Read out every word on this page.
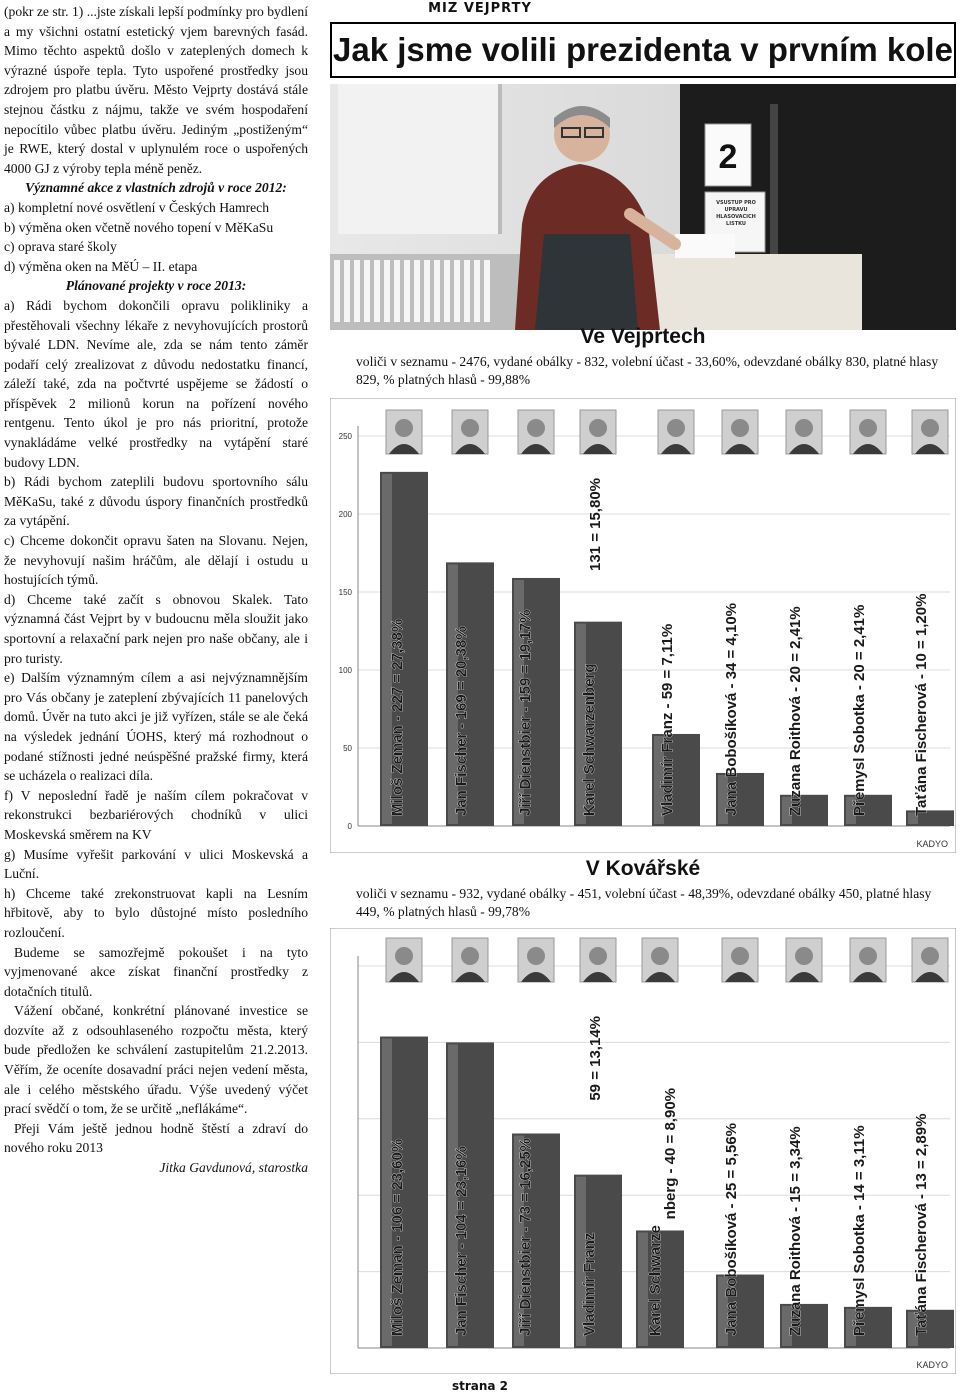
MIZ VEJPRTY

(pokr ze str. 1) ...jste získali lepší podmínky pro bydlení a my všichni ostatní estetický vjem barevných fasád. Mimo těchto aspektů došlo v zateplených domech k výrazné úspoře tepla. Tyto uspořené prostředky jsou zdrojem pro platbu úvěru. Město Vejprty dostává stále stejnou částku z nájmu, takže ve svém hospodaření nepocítilo vůbec platbu úvěru. Jediným „postiženým“ je RWE, který dostal v uplynulém roce o uspořených 4000 GJ z výroby tepla méně peněz.

Významné akce z vlastních zdrojů v roce 2012:

a) kompletní nové osvětlení v Českých Hamrech

b) výměna oken včetně nového topení v MěKaSu

c) oprava staré školy

d) výměna oken na MěÚ – II. etapa

Plánované projekty v roce 2013:

a) Rádi bychom dokončili opravu polikliniky a přestěhovali všechny lékaře z nevyhovujících prostorů bývalé LDN. Nevíme ale, zda se nám tento záměr podaří celý zrealizovat z důvodu nedostatku financí, záleží také, zda na počtvrté uspějeme se žádostí o příspěvek 2 milionů korun na pořízení nového rentgenu. Tento úkol je pro nás prioritní, protože vynakládáme velké prostředky na vytápění staré budovy LDN.

b) Rádi bychom zateplili budovu sportovního sálu MěKaSu, také z důvodu úspory finančních prostředků za vytápění.

c) Chceme dokončit opravu šaten na Slovanu. Nejen, že nevyhovují našim hráčům, ale dělají i ostudu u hostujících týmů.

d) Chceme také začít s obnovou Skalek. Tato významná část Vejprt by v budoucnu měla sloužit jako sportovní a relaxační park nejen pro naše občany, ale i pro turisty.

e) Dalším významným cílem a asi nejvýznamnějším pro Vás občany je zateplení zbývajících 11 panelových domů. Úvěr na tuto akci je již vyřízen, stále se ale čeká na výsledek jednání ÚOHS, který má rozhodnout o podané stížnosti jedné neúspěšné pražské firmy, která se ucházela o realizaci díla.

f) V neposlední řadě je naším cílem pokračovat v rekonstrukci bezbariérových chodníků v ulici Moskevská směrem na KV

g) Musíme vyřešit parkování v ulici Moskevská a Luční.

h) Chceme také zrekonstruovat kapli na Lesním hřbitově, aby to bylo důstojné místo posledního rozloučení.

Budeme se samozřejmě pokoušet i na tyto vyjmenované akce získat finanční prostředky z dotačních titulů.

Vážení občané, konkrétní plánované investice se dozvíte až z odsouhlaseného rozpočtu města, který bude předložen ke schválení zastupitelům 21.2.2013. Věřím, že oceníte dosavadní práci nejen vedení města, ale i celého městského úřadu. Výše uvedený výčet prací svědčí o tom, že se určitě „neflákáme“.

Přeji Vám ještě jednou hodně štěstí a zdraví do nového roku 2013

Jitka Gavdunová, starostka

Jak jsme volili prezidenta v prvním kole
2
VSUSTUP PRO UPRAVU HLASOVACICH LISTKU
Ve Vejprtech
voliči v seznamu - 2476, vydané obálky - 832, volební účast - 33,60%, odevzdané obálky 830, platné hlasy 829, % platných hlasů - 99,88%
0
50
100
150
200
250
Miloš Zeman - 227 = 27,38%	Jan Fischer - 169 = 20,38%	Jiří Dienstbier - 159 = 19,17%	Karel Schwarzenberg
131 = 15,80%
Vladimír Franz - 59 = 7,11%	Jana Bobošíková - 34 = 4,10%	Zuzana Roithová - 20 = 2,41%	Přemysl Sobotka - 20 = 2,41%	Taťána Fischerová - 10 = 1,20%
KADYO
V Kovářské
voliči v seznamu - 932, vydané obálky - 451, volební účast - 48,39%, odevzdané obálky 450, platné hlasy 449, % platných hlasů - 99,78%
Miloš Zeman - 106 = 23,60%	Jan Fischer - 104 = 23,16%	Jiří Dienstbier - 73 = 16,25%	Vladimír Franz
59 = 13,14%
Karel Schwarze
nberg - 40 = 8,90%	Jana Bobošíková - 25 = 5,56%	Zuzana Roithová - 15 = 3,34%	Přemysl Sobotka - 14 = 3,11%	Taťána Fischerová - 13 = 2,89%
KADYO
strana 2
